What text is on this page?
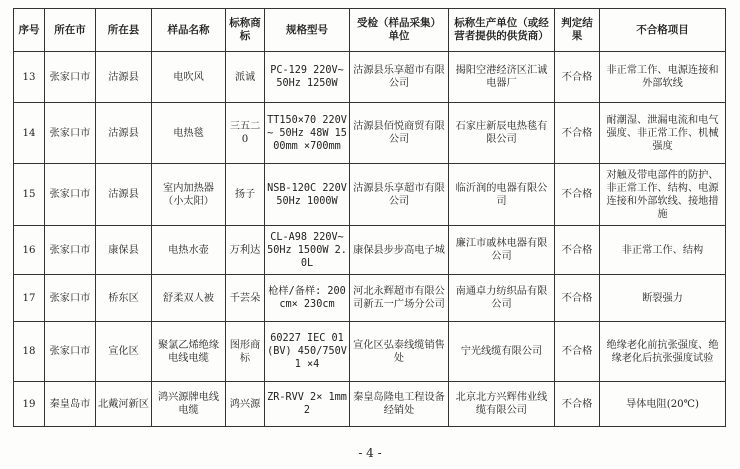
序号	所在市	所在县	样品名称	标称商标	规格型号	受检（样品采集）单位	标称生产单位（或经营者提供的供货商）	判定结果	不合格项目
13	张家口市	沽源县	电吹风	派诚	PC-129 220V~ 50Hz 1250W	沽源县乐享超市有限公司	揭阳空港经济区汇诚电器厂	不合格	非正常工作、电源连接和外部软线
14	张家口市	沽源县	电热毯	三五二0	TT150×70 220V~ 50Hz 48W 1500mm ×700mm	沽源县佰悦商贸有限公司	石家庄新辰电热毯有限公司	不合格	耐潮湿、泄漏电流和电气强度、非正常工作、机械强度
15	张家口市	沽源县	室内加热器（小太阳）	扬子	NSB-120C 220V 50Hz 1000W	沽源县乐享超市有限公司	临沂润的电器有限公司	不合格	对触及带电部件的防护、非正常工作、结构、电源连接和外部软线、接地措施
16	张家口市	康保县	电热水壶	万利达	CL-A98 220V~ 50Hz 1500W 2.0L	康保县步步高电子城	廉江市戚林电器有限公司	不合格	非正常工作、结构
17	张家口市	桥东区	舒柔双人被	千芸朵	枪样/备样: 200cm× 230cm	河北永辉超市有限公司新五一广场分公司	南通卓力纺织品有限公司	不合格	断裂强力
18	张家口市	宣化区	聚氯乙烯绝缘电线电缆	图形商标	60227 IEC 01(BV) 450/750V 1 ×4	宣化区弘泰线缆销售处	宁光线缆有限公司	不合格	绝缘老化前抗张强度、绝缘老化后抗张强度试验
19	秦皇岛市	北戴河新区	鸿兴源牌电线电缆	鸿兴源	ZR-RVV 2× 1mm2	秦皇岛隆电工程设备经销处	北京北方兴辉伟业线缆有限公司	不合格	导体电阻(20℃)
- 4 -
